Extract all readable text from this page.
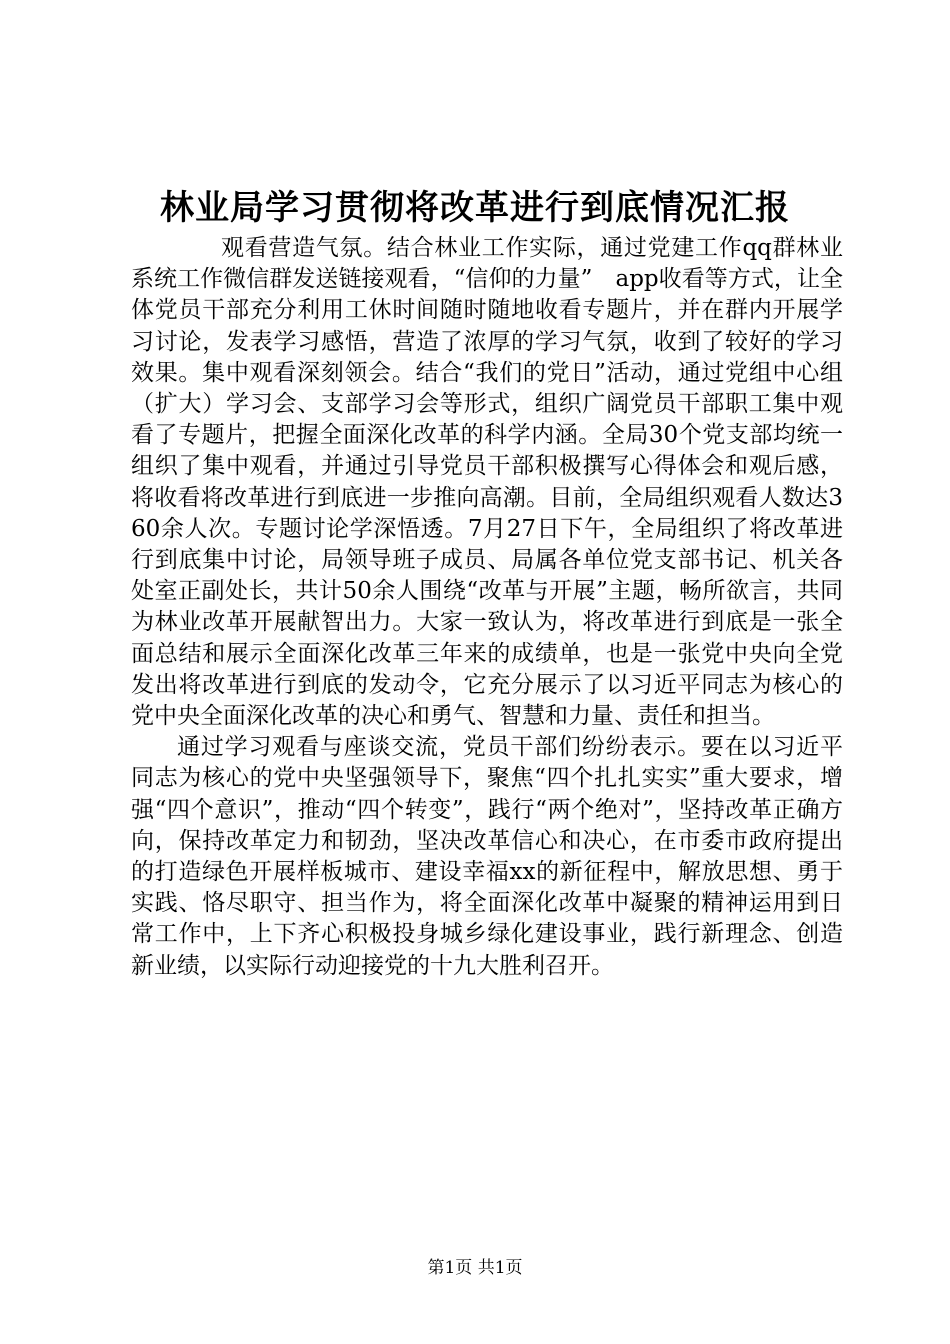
林业局学习贯彻将改革进行到底情况汇报

观看营造气氛。结合林业工作实际，通过党建工作qq群林业系统工作微信群发送链接观看，“信仰的力量”　app收看等方式，让全体党员干部充分利用工休时间随时随地收看专题片，并在群内开展学习讨论，发表学习感悟，营造了浓厚的学习气氛，收到了较好的学习效果。集中观看深刻领会。结合“我们的党日”活动，通过党组中心组（扩大）学习会、支部学习会等形式，组织广阔党员干部职工集中观看了专题片，把握全面深化改革的科学内涵。全局30个党支部均统一组织了集中观看，并通过引导党员干部积极撰写心得体会和观后感，将收看将改革进行到底进一步推向高潮。目前，全局组织观看人数达360余人次。专题讨论学深悟透。7月27日下午，全局组织了将改革进行到底集中讨论，局领导班子成员、局属各单位党支部书记、机关各处室正副处长，共计50余人围绕“改革与开展”主题，畅所欲言，共同为林业改革开展献智出力。大家一致认为，将改革进行到底是一张全面总结和展示全面深化改革三年来的成绩单，也是一张党中央向全党发出将改革进行到底的发动令，它充分展示了以习近平同志为核心的党中央全面深化改革的决心和勇气、智慧和力量、责任和担当。

通过学习观看与座谈交流，党员干部们纷纷表示。要在以习近平同志为核心的党中央坚强领导下，聚焦“四个扎扎实实”重大要求，增强“四个意识”，推动“四个转变”，践行“两个绝对”，坚持改革正确方向，保持改革定力和韧劲，坚决改革信心和决心，在市委市政府提出的打造绿色开展样板城市、建设幸福xx的新征程中，解放思想、勇于实践、恪尽职守、担当作为，将全面深化改革中凝聚的精神运用到日常工作中，上下齐心积极投身城乡绿化建设事业，践行新理念、创造新业绩，以实际行动迎接党的十九大胜利召开。

第1页 共1页
